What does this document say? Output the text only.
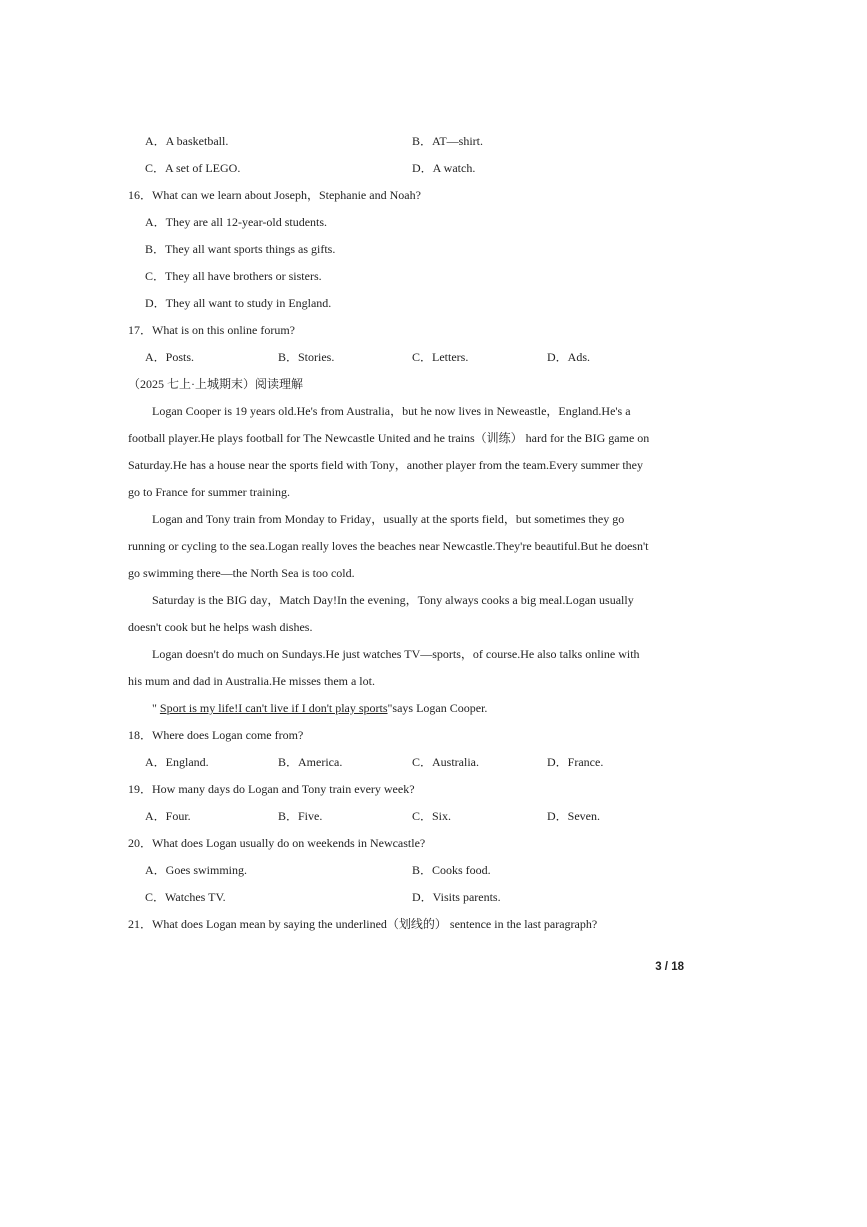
A．A basketball.	B．AT—shirt.
C．A set of LEGO.	D．A watch.
16．What can we learn about Joseph，Stephanie and Noah?
A．They are all 12-year-old students.
B．They all want sports things as gifts.
C．They all have brothers or sisters.
D．They all want to study in England.
17．What is on this online forum?
A．Posts.	B．Stories.	C．Letters.	D．Ads.
（2025 七上·上城期末）阅读理解
Logan Cooper is 19 years old.He's from Australia，but he now lives in Neweastle，England.He's a
football player.He plays football for The Newcastle United and he trains（训练） hard for the BIG game on
Saturday.He has a house near the sports field with Tony，another player from the team.Every summer they
go to France for summer training.
Logan and Tony train from Monday to Friday，usually at the sports field，but sometimes they go
running or cycling to the sea.Logan really loves the beaches near Newcastle.They're beautiful.But he doesn't
go swimming there—the North Sea is too cold.
Saturday is the BIG day，Match Day!In the evening，Tony always cooks a big meal.Logan usually
doesn't cook but he helps wash dishes.
Logan doesn't do much on Sundays.He just watches TV—sports，of course.He also talks online with
his mum and dad in Australia.He misses them a lot.
" Sport is my life!I can't live if I don't play sports"says Logan Cooper.
18．Where does Logan come from?
A．England.	B．America.	C．Australia.	D．France.
19．How many days do Logan and Tony train every week?
A．Four.	B．Five.	C．Six.	D．Seven.
20．What does Logan usually do on weekends in Newcastle?
A．Goes swimming.	B．Cooks food.
C．Watches TV.	D．Visits parents.
21．What does Logan mean by saying the underlined（划线的） sentence in the last paragraph?
3 / 18
